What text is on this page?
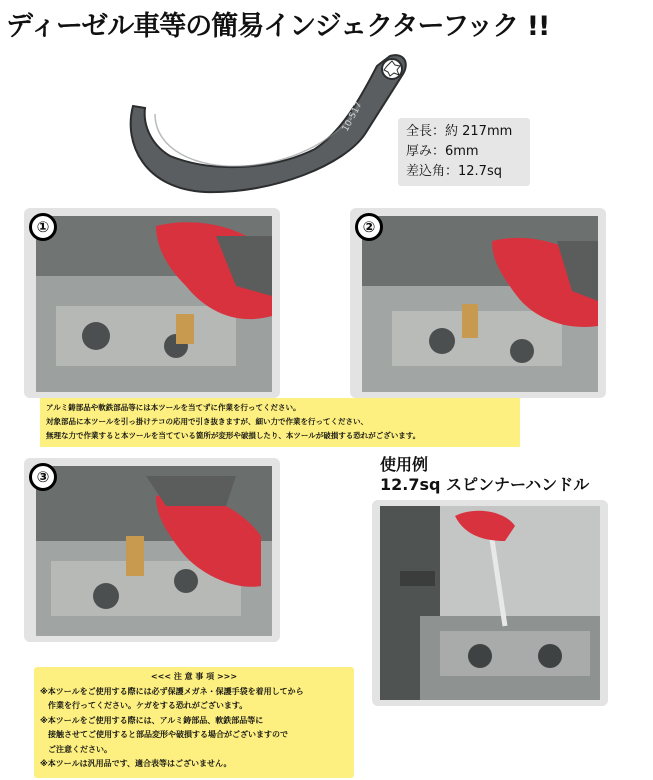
ディーゼル車等の簡易インジェクターフック !!
10-517	全長：約 217mm
厚み：6mm
差込角：12.7sq
①	②
アルミ鋳部品や軟鉄部品等には本ツールを当てずに作業を行ってください。
対象部品に本ツールを引っ掛けテコの応用で引き抜きますが、細い力で作業を行ってください、
無理な力で作業すると本ツールを当てている箇所が変形や破損したり、本ツールが破損する恐れがございます。
③
使用例
12.7sq スピンナーハンドル
<<< 注 意 事 項 >>>
※本ツールをご使用する際には必ず保護メガネ・保護手袋を着用してから
　作業を行ってください。ケガをする恐れがございます。
※本ツールをご使用する際には、アルミ鋳部品、軟鉄部品等に
　接触させてご使用すると部品変形や破損する場合がございますので
　ご注意ください。
※本ツールは汎用品です、適合表等はございません。
